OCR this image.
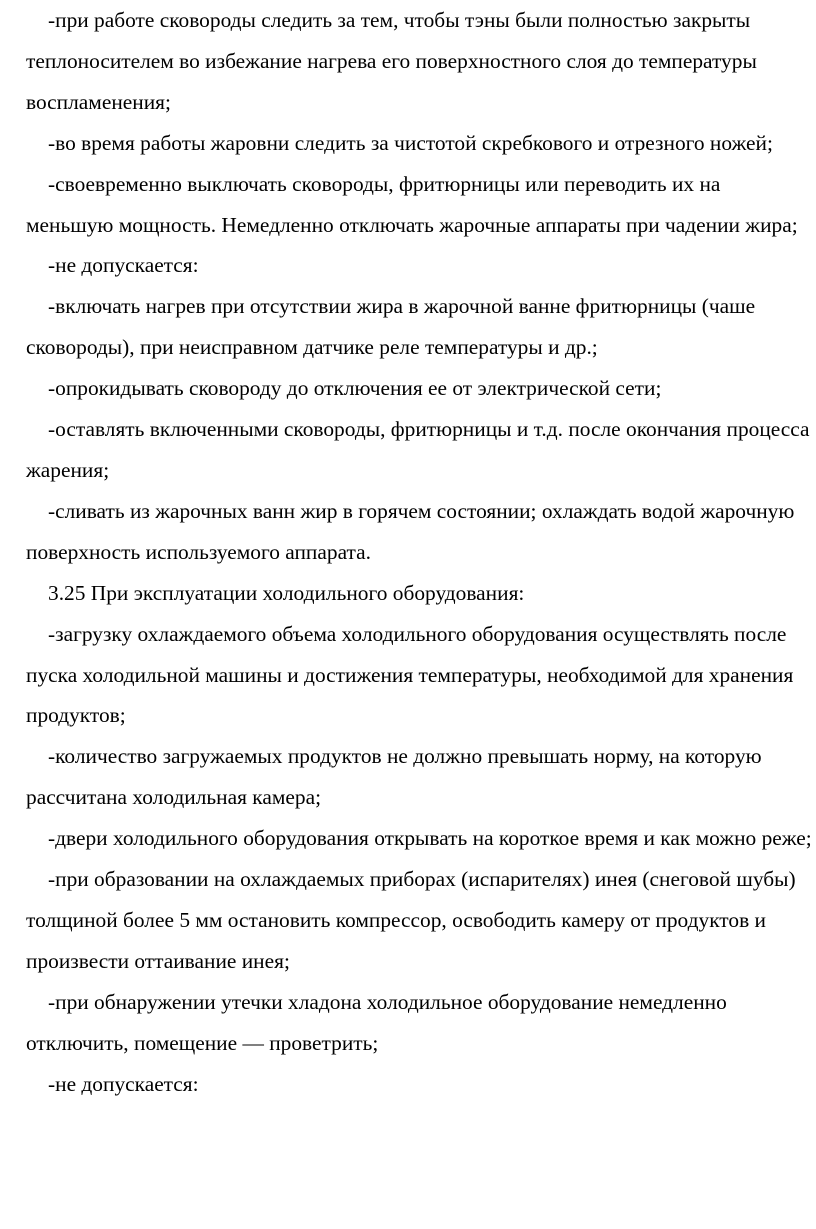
-при работе сковороды следить за тем, чтобы тэны были полностью закрыты теплоносителем во избежание нагрева его поверхностного слоя до температуры воспламенения;

-во время работы жаровни следить за чистотой скребкового и отрезного ножей;

-своевременно выключать сковороды, фритюрницы или переводить их на меньшую мощность. Немедленно отключать жарочные аппараты при чадении жира;

-не допускается:

-включать нагрев при отсутствии жира в жарочной ванне фритюрницы (чаше сковороды), при неисправном датчике реле температуры и др.;

-опрокидывать сковороду до отключения ее от электрической сети;

-оставлять включенными сковороды, фритюрницы и т.д. после окончания процесса жарения;

-сливать из жарочных ванн жир в горячем состоянии; охлаждать водой жарочную поверхность используемого аппарата.

3.25 При эксплуатации холодильного оборудования:

-загрузку охлаждаемого объема холодильного оборудования осуществлять после пуска холодильной машины и достижения температуры, необходимой для хранения продуктов;

-количество загружаемых продуктов не должно превышать норму, на которую рассчитана холодильная камера;

-двери холодильного оборудования открывать на короткое время и как можно реже;

-при образовании на охлаждаемых приборах (испарителях) инея (снеговой шубы) толщиной более 5 мм остановить компрессор, освободить камеру от продуктов и произвести оттаивание инея;

-при обнаружении утечки хладона холодильное оборудование немедленно отключить, помещение — проветрить;

-не допускается:
